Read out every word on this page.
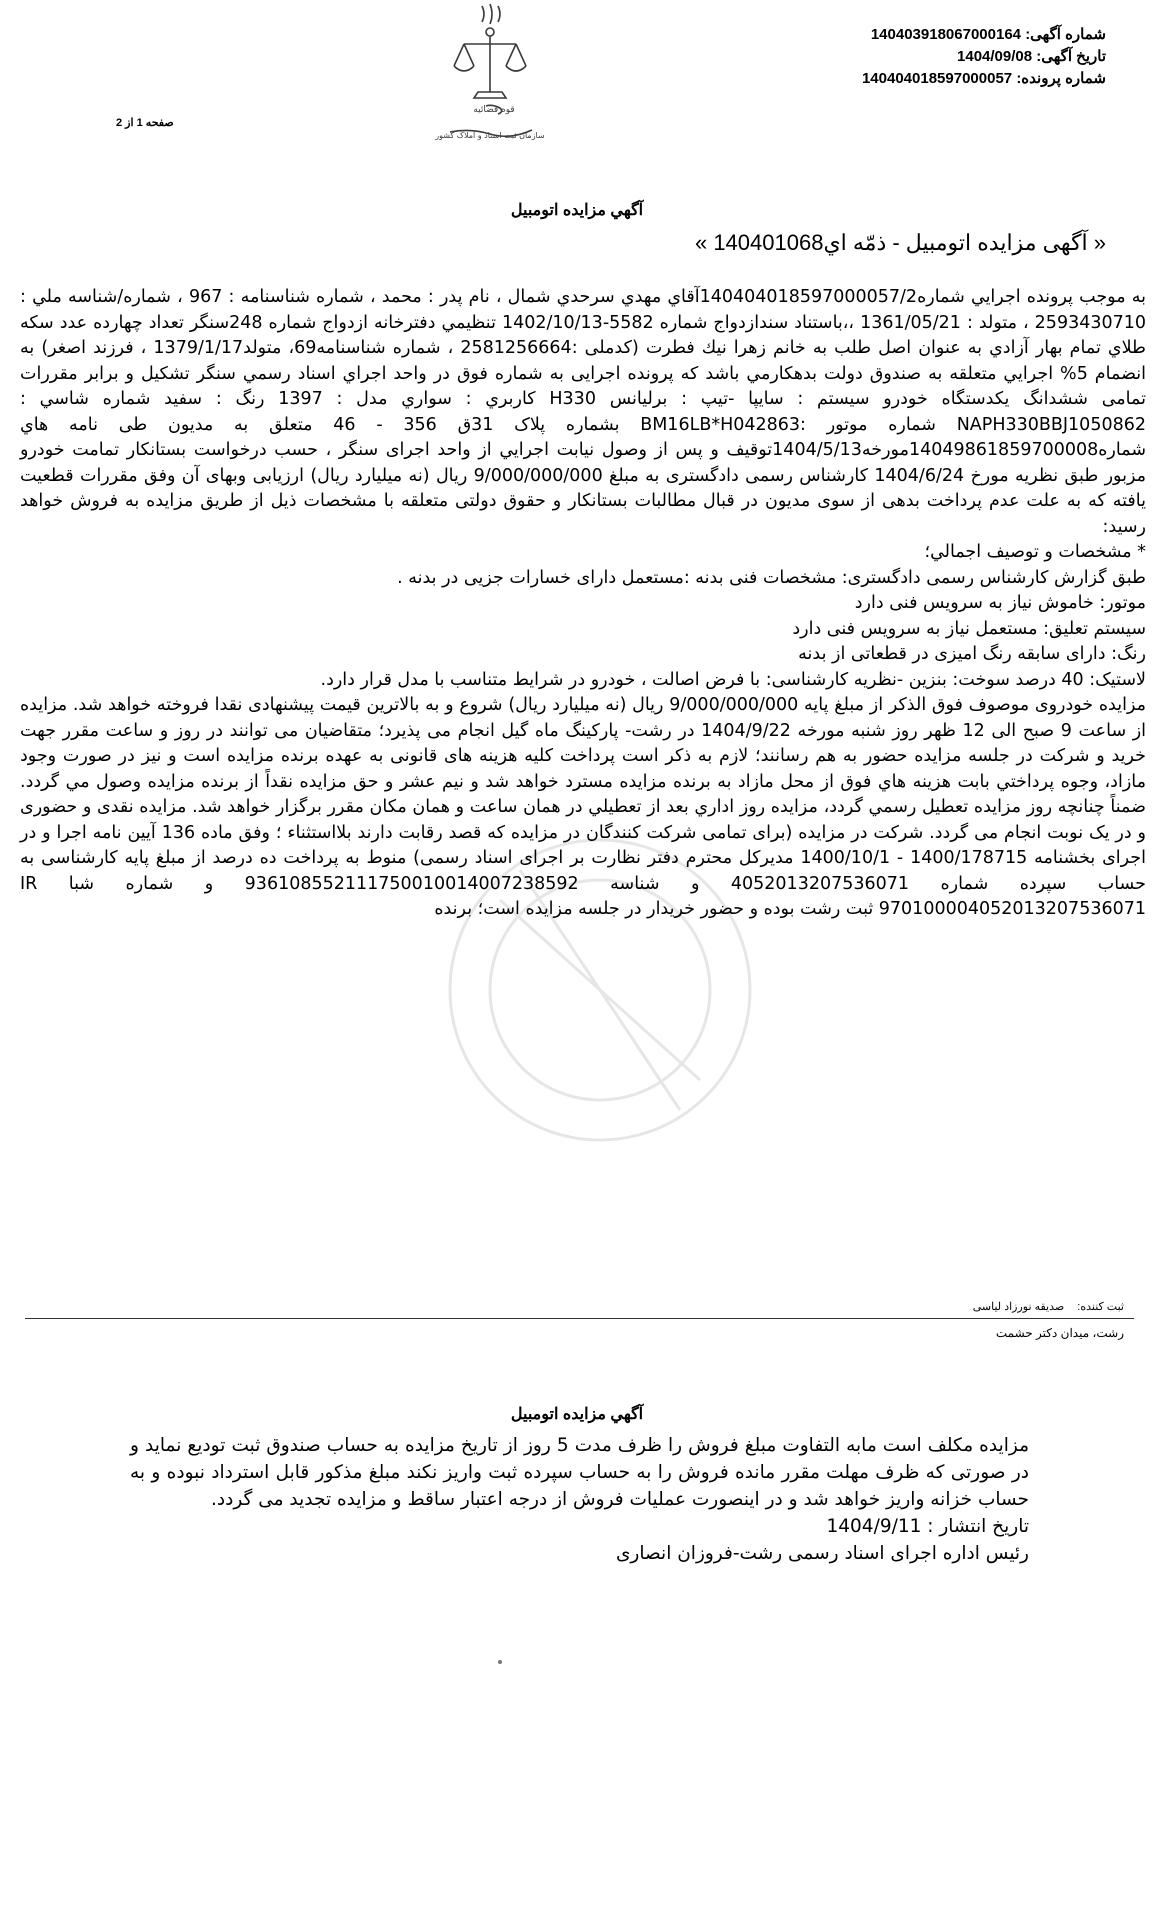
شماره آگهی: 140403918067000164
تاریخ آگهی: 1404/09/08
شماره پرونده: 140404018597000057
قوه قضائیه
سازمان ثبت اسناد و املاک کشور
صفحه 1 از 2
آگهي مزايده اتومبيل
« آگهی مزایده اتومبیل - ذمّه اي140401068 »

به موجب پرونده اجرايي شماره140404018597000057/2آقاي مهدي سرحدي شمال ، نام پدر : محمد ، شماره شناسنامه : 967 ، شماره/شناسه ملي : 2593430710 ، متولد : 1361/05/21 ،،باستناد سندازدواج شماره 5582-1402/10/13 تنظيمي دفترخانه ازدواج شماره 248سنگر تعداد چهارده عدد سکه طلاي تمام بهار آزادي به عنوان اصل طلب به خانم زهرا نيك فطرت (کدملی :2581256664 ، شماره شناسنامه69، متولد1379/1/17 ، فرزند اصغر) به انضمام 5% اجرايي متعلقه به صندوق دولت بدهکارمي باشد که پرونده اجرایی به شماره فوق در واحد اجراي اسناد رسمي سنگر تشکيل و برابر مقررات تمامی ششدانگ يکدستگاه خودرو سيستم : سايپا -تيپ : برليانس H330 کاربري : سواري مدل : 1397 رنگ : سفيد شماره شاسي : NAPH330BBJ1050862 شماره موتور :BM16LB*H042863 بشماره پلاک 31ق 356 - 46 متعلق به مديون طی نامه هاي شماره14049861859700008مورخه1404/5/13توقيف و پس از وصول نيابت اجرایي از واحد اجرای سنگر ، حسب درخواست بستانکار تمامت خودرو مزبور طبق نظريه مورخ 1404/6/24 کارشناس رسمی دادگستری به مبلغ 9/000/000/000 ريال (نه ميليارد ريال) ارزيابی وبهای آن وفق مقررات قطعيت يافته که به علت عدم پرداخت بدهی از سوی مديون در قبال مطالبات بستانکار و حقوق دولتی متعلقه با مشخصات ذيل از طريق مزايده به فروش خواهد رسيد:

* مشخصات و توصيف اجمالي؛

طبق گزارش کارشناس رسمی دادگستری: مشخصات فنی بدنه :مستعمل دارای خسارات جزیی در بدنه .

موتور: خاموش نیاز به سرویس فنی دارد

سیستم تعلیق: مستعمل نیاز به سرویس فنی دارد

رنگ: دارای سابقه رنگ امیزی در قطعاتی از بدنه

لاستیک: 40 درصد سوخت: بنزین -نظریه کارشناسی: با فرض اصالت ، خودرو در شرایط متناسب با مدل قرار دارد.

مزايده خودروی موصوف فوق الذکر از مبلغ پايه 9/000/000/000 ريال (نه ميليارد ريال) شروع و به بالاترين قيمت پيشنهادی نقدا فروخته خواهد شد. مزايده از ساعت 9 صبح الی 12 ظهر روز شنبه مورخه 1404/9/22 در رشت- پارکینگ ماه گیل انجام می پذیرد؛ متقاضیان می توانند در روز و ساعت مقرر جهت خريد و شرکت در جلسه مزايده حضور به هم رسانند؛ لازم به ذکر است پرداخت کليه هزينه های قانونی به عهده برنده مزايده است و نيز در صورت وجود مازاد، وجوه پرداختي بابت هزينه هاي فوق از محل مازاد به برنده مزايده مسترد خواهد شد و نيم عشر و حق مزايده نقداً از برنده مزايده وصول مي گردد. ضمناً چنانچه روز مزايده تعطيل رسمي گردد، مزايده روز اداري بعد از تعطيلي در همان ساعت و همان مکان مقرر برگزار خواهد شد. مزايده نقدی و حضوری و در يک نوبت انجام می گردد. شرکت در مزايده (برای تمامی شرکت کنندگان در مزايده که قصد رقابت دارند بلااستثناء ؛ وفق ماده 136 آيين نامه اجرا و در اجرای بخشنامه 1400/178715 - 1400/10/1 مديرکل محترم دفتر نظارت بر اجرای اسناد رسمی) منوط به پرداخت ده درصد از مبلغ پايه کارشناسی به حساب سپرده شماره 4052013207536071 و شناسه 936108552111750010014007238592 و شماره شبا IR 970100004052013207536071 ثبت رشت بوده و حضور خريدار در جلسه مزايده است؛ برنده

ثبت كننده: صدیقه نورزاد لیاسی
رشت، میدان دکتر حشمت
آگهي مزايده اتومبيل

مزايده مکلف است مابه التفاوت مبلغ فروش را ظرف مدت 5 روز از تاريخ مزايده به حساب صندوق ثبت توديع نمايد و در صورتی که ظرف مهلت مقرر مانده فروش را به حساب سپرده ثبت واريز نکند مبلغ مذکور قابل استرداد نبوده و به حساب خزانه واريز خواهد شد و در اينصورت عمليات فروش از درجه اعتبار ساقط و مزايده تجديد می گردد.

تاريخ انتشار : 1404/9/11

رئيس اداره اجرای اسناد رسمی رشت-فروزان انصاری
